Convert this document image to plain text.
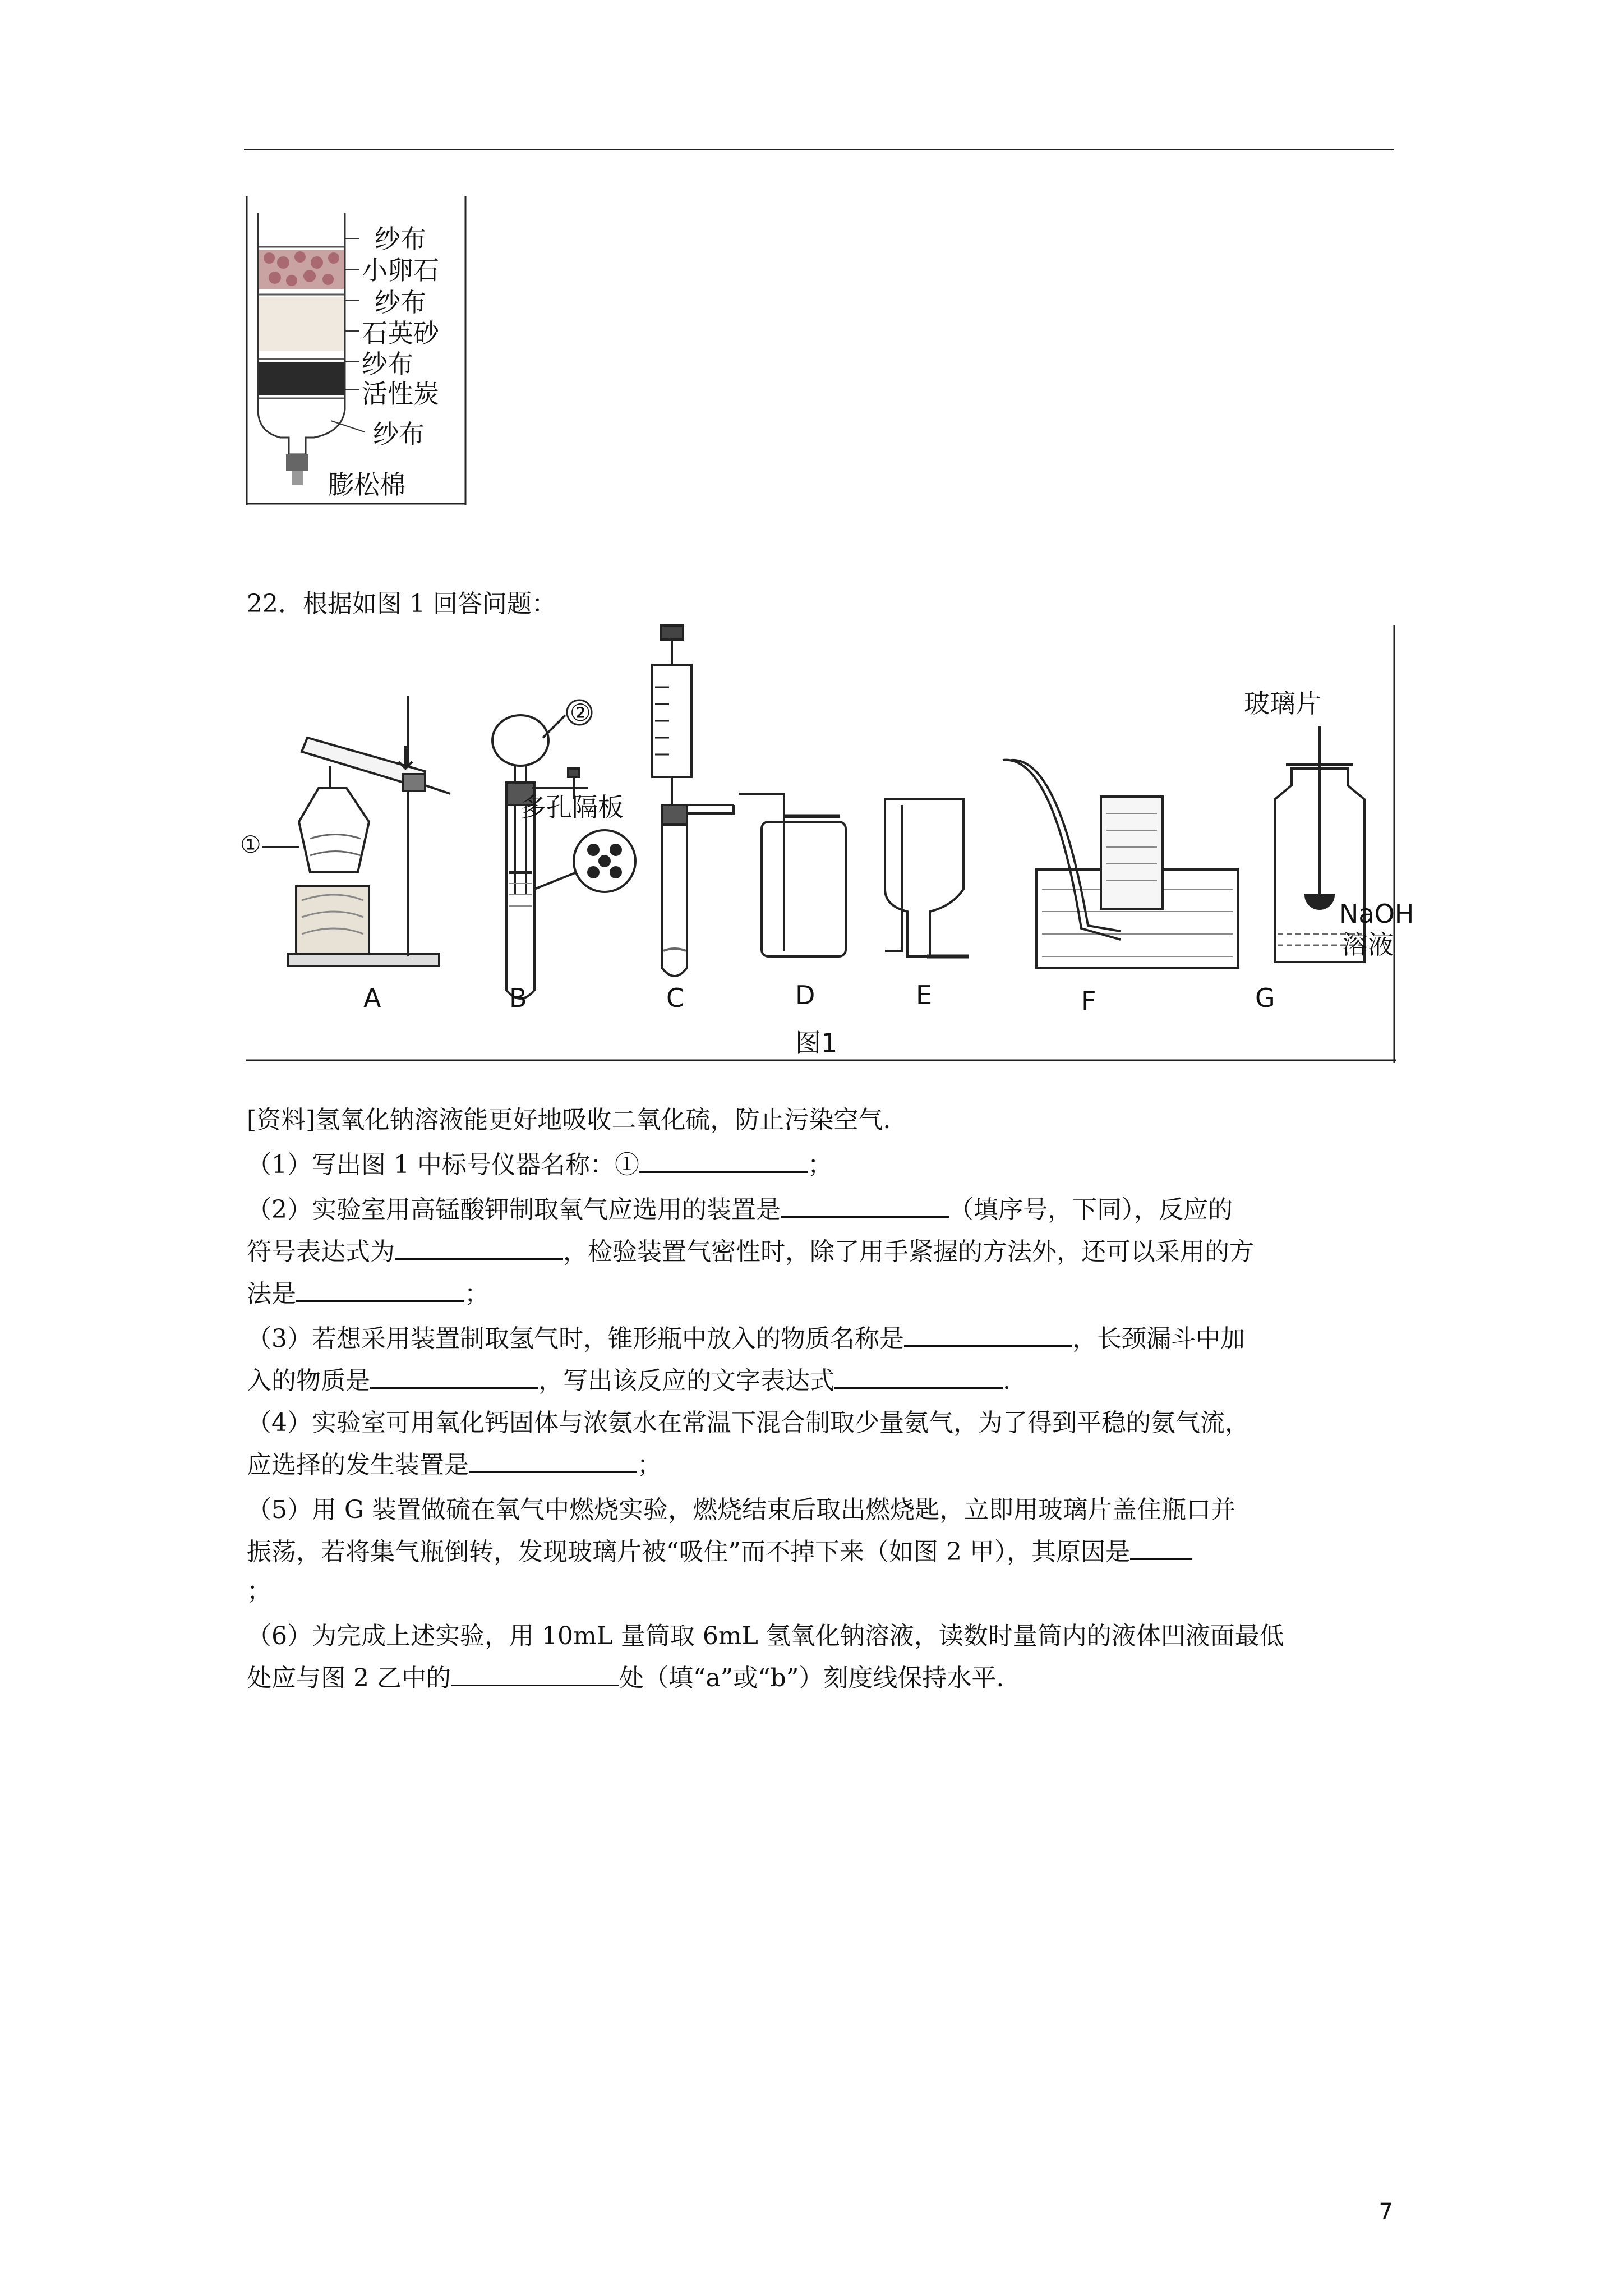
纱布
小卵石
纱布
石英砂
纱布
活性炭
纱布
膨松棉
22．根据如图 1 回答问题：
①
②
多孔隔板
玻璃片
NaOH
溶液
A	B	C	D	E	F	G
图1
[资料]氢氧化钠溶液能更好地吸收二氧化硫，防止污染空气.
（1）写出图 1 中标号仪器名称：①	；
（2）实验室用高锰酸钾制取氧气应选用的装置是	（填序号，下同），反应的
符号表达式为	，检验装置气密性时，除了用手紧握的方法外，还可以采用的方
法是	；
（3）若想采用装置制取氢气时，锥形瓶中放入的物质名称是	，长颈漏斗中加
入的物质是	，写出该反应的文字表达式	.
（4）实验室可用氧化钙固体与浓氨水在常温下混合制取少量氨气，为了得到平稳的氨气流，
应选择的发生装置是	；
（5）用 G 装置做硫在氧气中燃烧实验，燃烧结束后取出燃烧匙，立即用玻璃片盖住瓶口并
振荡，若将集气瓶倒转，发现玻璃片被“吸住”而不掉下来（如图 2 甲），其原因是
；
（6）为完成上述实验，用 10mL 量筒取 6mL 氢氧化钠溶液，读数时量筒内的液体凹液面最低
处应与图 2 乙中的	处（填“a”或“b”）刻度线保持水平.
7
